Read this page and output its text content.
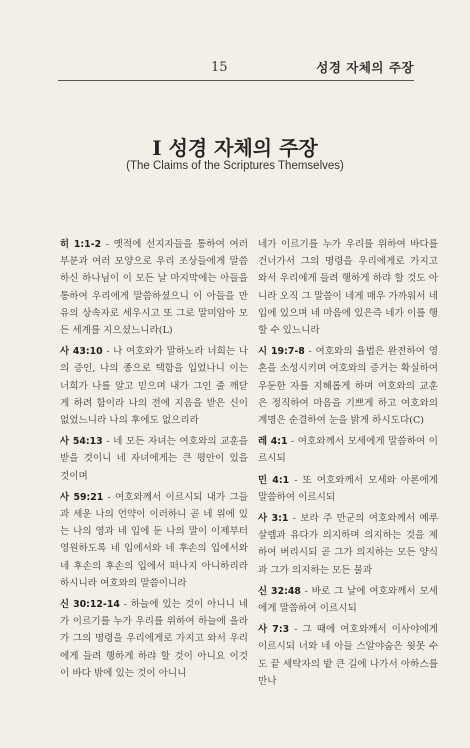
15	성경 자체의 주장
I 성경 자체의 주장
(The Claims of the Scriptures Themselves)

히 1:1-2 - 옛적에 선지자들을 통하여 여러 부분과 여러 모양으로 우리 조상들에게 말씀하신 하나님이 이 모든 날 마지막에는 아들을 통하여 우리에게 말씀하셨으니 이 아들을 만유의 상속자로 세우시고 또 그로 말미암아 모든 세계를 지으셨느니라(L)

사 43:10 - 나 여호와가 말하노라 너희는 나의 증인, 나의 종으로 택함을 입었나니 이는 너희가 나를 알고 믿으며 내가 그인 줄 깨닫게 하려 함이라 나의 전에 지음을 받은 신이 없었느니라 나의 후에도 없으리라

사 54:13 - 네 모든 자녀는 여호와의 교훈을 받을 것이니 네 자녀에게는 큰 평안이 있을 것이며

사 59:21 - 여호와께서 이르시되 내가 그들과 세운 나의 언약이 이러하니 곧 네 위에 있는 나의 영과 네 입에 둔 나의 말이 이제부터 영원하도록 네 입에서와 네 후손의 입에서와 네 후손의 후손의 입에서 떠나지 아니하리라 하시니라 여호와의 말씀이니라

신 30:12-14 - 하늘에 있는 것이 아니니 네가 이르기를 누가 우리를 위하여 하늘에 올라가 그의 명령을 우리에게로 가지고 와서 우리에게 들려 행하게 하랴 할 것이 아니요 이것이 바다 밖에 있는 것이 아니니

네가 이르기를 누가 우리를 위하여 바다를 건너가서 그의 명령을 우리에게로 가지고 와서 우리에게 들려 행하게 하랴 할 것도 아니라 오직 그 말씀이 네게 매우 가까워서 네 입에 있으며 네 마음에 있은즉 네가 이를 행할 수 있느니라

시 19:7-8 - 여호와의 율법은 완전하여 영혼을 소성시키며 여호와의 증거는 확실하여 우둔한 자를 지혜롭게 하며 여호와의 교훈은 정직하여 마음을 기쁘게 하고 여호와의 계명은 순결하여 눈을 밝게 하시도다(C)

레 4:1 - 여호와께서 모세에게 말씀하여 이르시되

민 4:1 - 또 여호와께서 모세와 아론에게 말씀하여 이르시되

사 3:1 - 보라 주 만군의 여호와께서 예루살렘과 유다가 의지하며 의지하는 것을 제하여 버리시되 곧 그가 의지하는 모든 양식과 그가 의지하는 모든 물과

신 32:48 - 바로 그 날에 여호와께서 모세에게 말씀하여 이르시되

사 7:3 - 그 때에 여호와께서 이사야에게 이르시되 너와 네 아들 스알야숩은 윗못 수도 끝 세탁자의 밭 큰 길에 나가서 아하스를 만나
